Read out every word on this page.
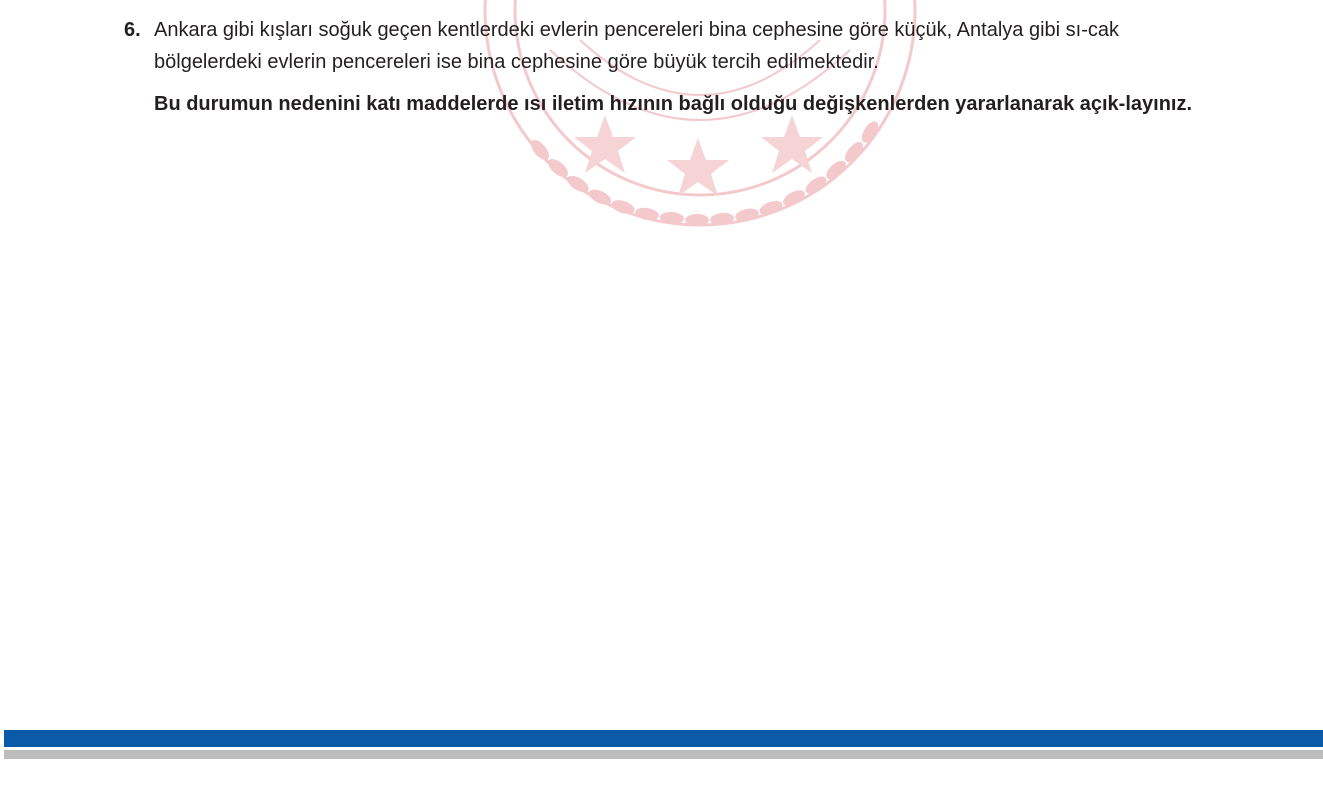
6. Ankara gibi kışları soğuk geçen kentlerdeki evlerin pencereleri bina cephesine göre küçük, Antalya gibi sı-cak bölgelerdeki evlerin pencereleri ise bina cephesine göre büyük tercih edilmektedir.
Bu durumun nedenini katı maddelerde ısı iletim hızının bağlı olduğu değişkenlerden yararlanarak açık-layınız.
